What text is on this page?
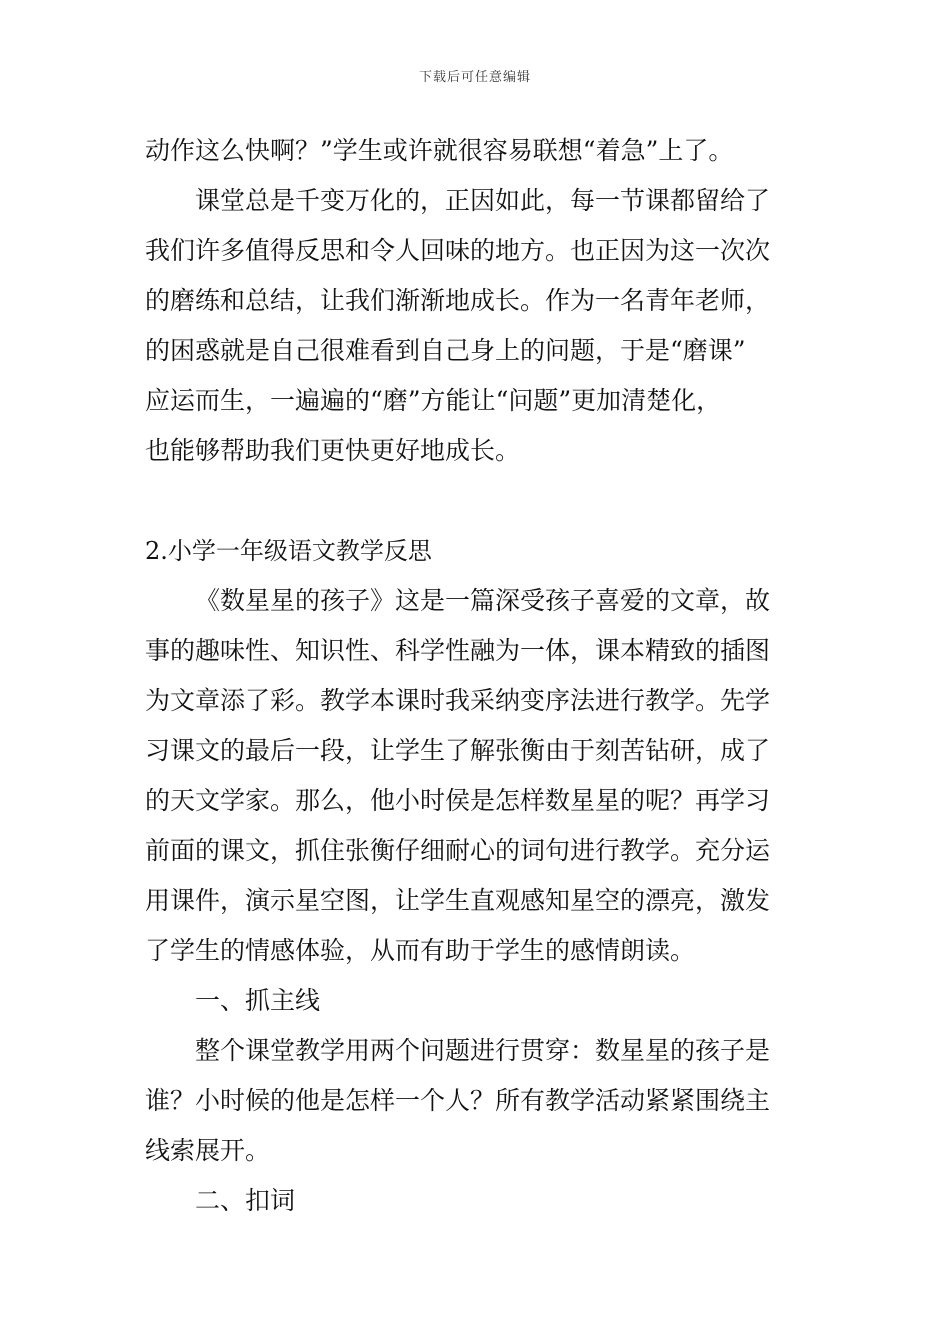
下载后可任意编辑
动作这么快啊？”学生或许就很容易联想“着急”上了。
课堂总是千变万化的，正因如此，每一节课都留给了
我们许多值得反思和令人回味的地方。也正因为这一次次
的磨练和总结，让我们渐渐地成长。作为一名青年老师，
的困惑就是自己很难看到自己身上的问题，于是“磨课”
应运而生，一遍遍的“磨”方能让“问题”更加清楚化，
也能够帮助我们更快更好地成长。
2.小学一年级语文教学反思
《数星星的孩子》这是一篇深受孩子喜爱的文章，故
事的趣味性、知识性、科学性融为一体，课本精致的插图
为文章添了彩。教学本课时我采纳变序法进行教学。先学
习课文的最后一段，让学生了解张衡由于刻苦钻研，成了
的天文学家。那么，他小时侯是怎样数星星的呢？再学习
前面的课文，抓住张衡仔细耐心的词句进行教学。充分运
用课件，演示星空图，让学生直观感知星空的漂亮，激发
了学生的情感体验，从而有助于学生的感情朗读。
一、抓主线
整个课堂教学用两个问题进行贯穿：数星星的孩子是
谁？小时候的他是怎样一个人？所有教学活动紧紧围绕主
线索展开。
二、扣词
